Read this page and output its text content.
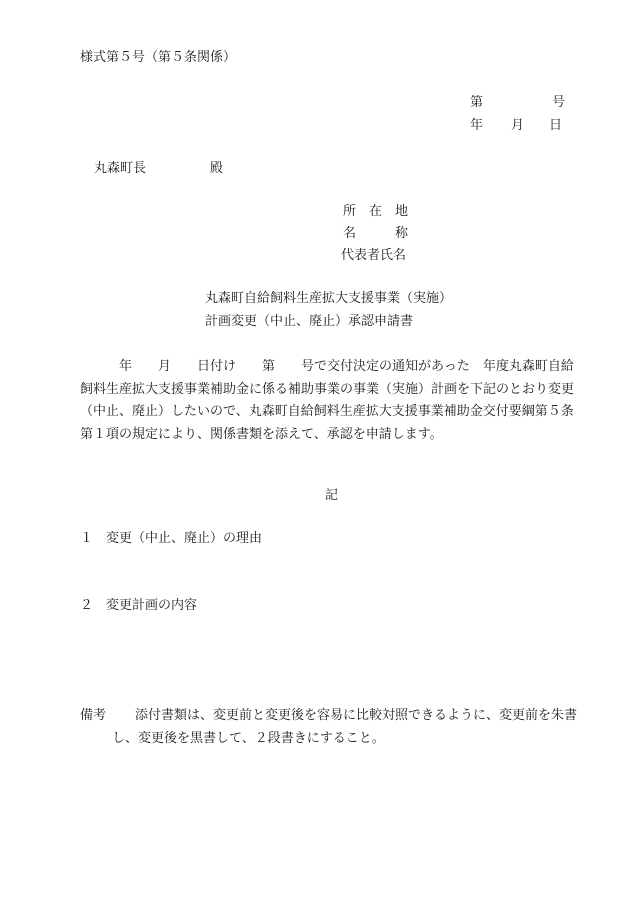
様式第５号（第５条関係）
第	号
年 月 日
丸森町長	殿
所　在　地
名　　　称
代表者氏名
丸森町自給飼料生産拡大支援事業（実施）
計画変更（中止、廃止）承認申請書

　　　年　　月　　日付け　　第　　号で交付決定の通知があった　年度丸森町自給

飼料生産拡大支援事業補助金に係る補助事業の事業（実施）計画を下記のとおり変更

（中止、廃止）したいので、丸森町自給飼料生産拡大支援事業補助金交付要綱第５条

第１項の規定により、関係書類を添えて、承認を申請します。

記
１　変更（中止、廃止）の理由
２　変更計画の内容
備考 添付書類は、変更前と変更後を容易に比較対照できるように、変更前を朱書
し、変更後を黒書して、２段書きにすること。
